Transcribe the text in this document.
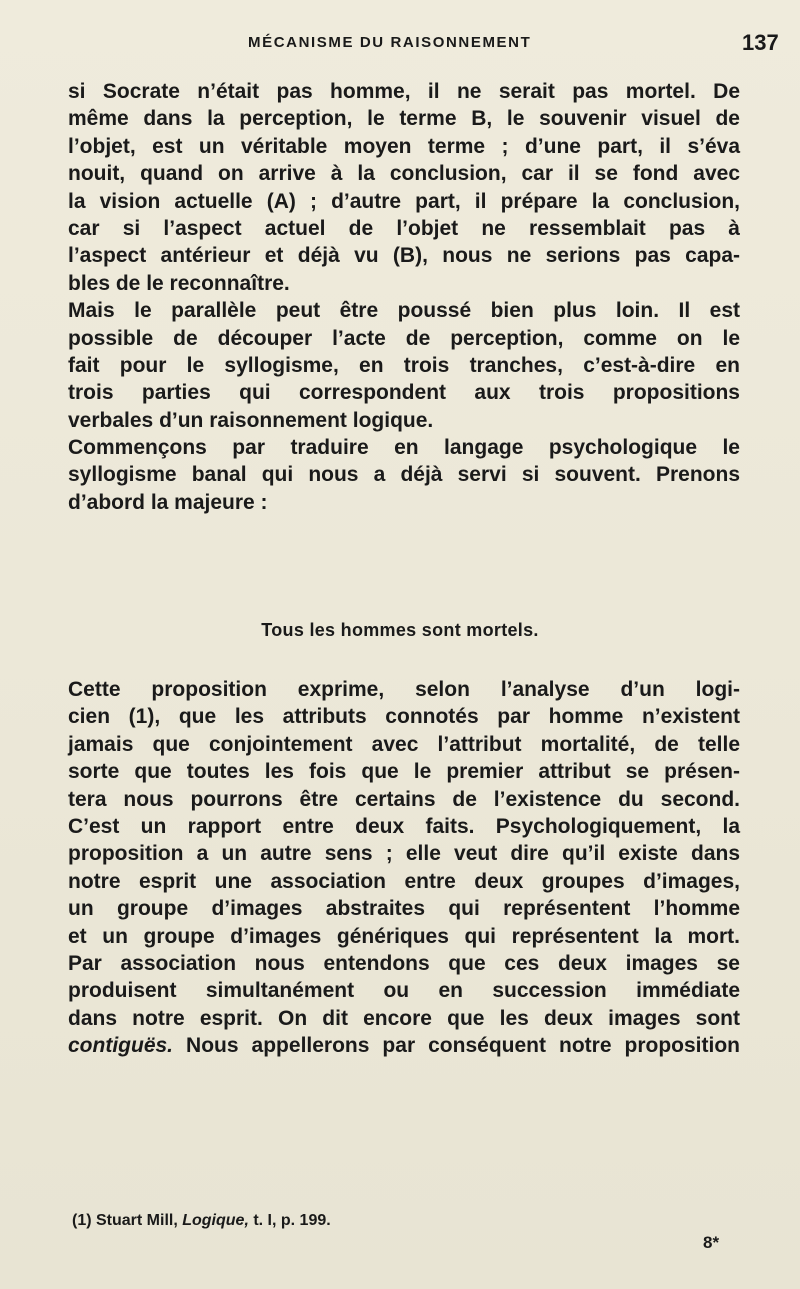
MÉCANISME DU RAISONNEMENT	137
si Socrate n’était pas homme, il ne serait pas mortel. De
même dans la perception, le terme B, le souvenir visuel de
l’objet, est un véritable moyen terme ; d’une part, il s’éva
nouit, quand on arrive à la conclusion, car il se fond avec
la vision actuelle (A) ; d’autre part, il prépare la conclusion,
car si l’aspect actuel de l’objet ne ressemblait pas à
l’aspect antérieur et déjà vu (B), nous ne serions pas capa-
bles de le reconnaître.
Mais le parallèle peut être poussé bien plus loin. Il est
possible de découper l’acte de perception, comme on le
fait pour le syllogisme, en trois tranches, c’est-à-dire en
trois parties qui correspondent aux trois propositions
verbales d’un raisonnement logique.
Commençons par traduire en langage psychologique le
syllogisme banal qui nous a déjà servi si souvent. Prenons
d’abord la majeure :
Tous les hommes sont mortels.
Cette proposition exprime, selon l’analyse d’un logi-
cien (1), que les attributs connotés par homme n’existent
jamais que conjointement avec l’attribut mortalité, de telle
sorte que toutes les fois que le premier attribut se présen-
tera nous pourrons être certains de l’existence du second.
C’est un rapport entre deux faits. Psychologiquement, la
proposition a un autre sens ; elle veut dire qu’il existe dans
notre esprit une association entre deux groupes d’images,
un groupe d’images abstraites qui représentent l’homme
et un groupe d’images génériques qui représentent la mort.
Par association nous entendons que ces deux images se
produisent simultanément ou en succession immédiate
dans notre esprit. On dit encore que les deux images sont
contiguës. Nous appellerons par conséquent notre proposition
(1) Stuart Mill, Logique, t. I, p. 199.
8*
